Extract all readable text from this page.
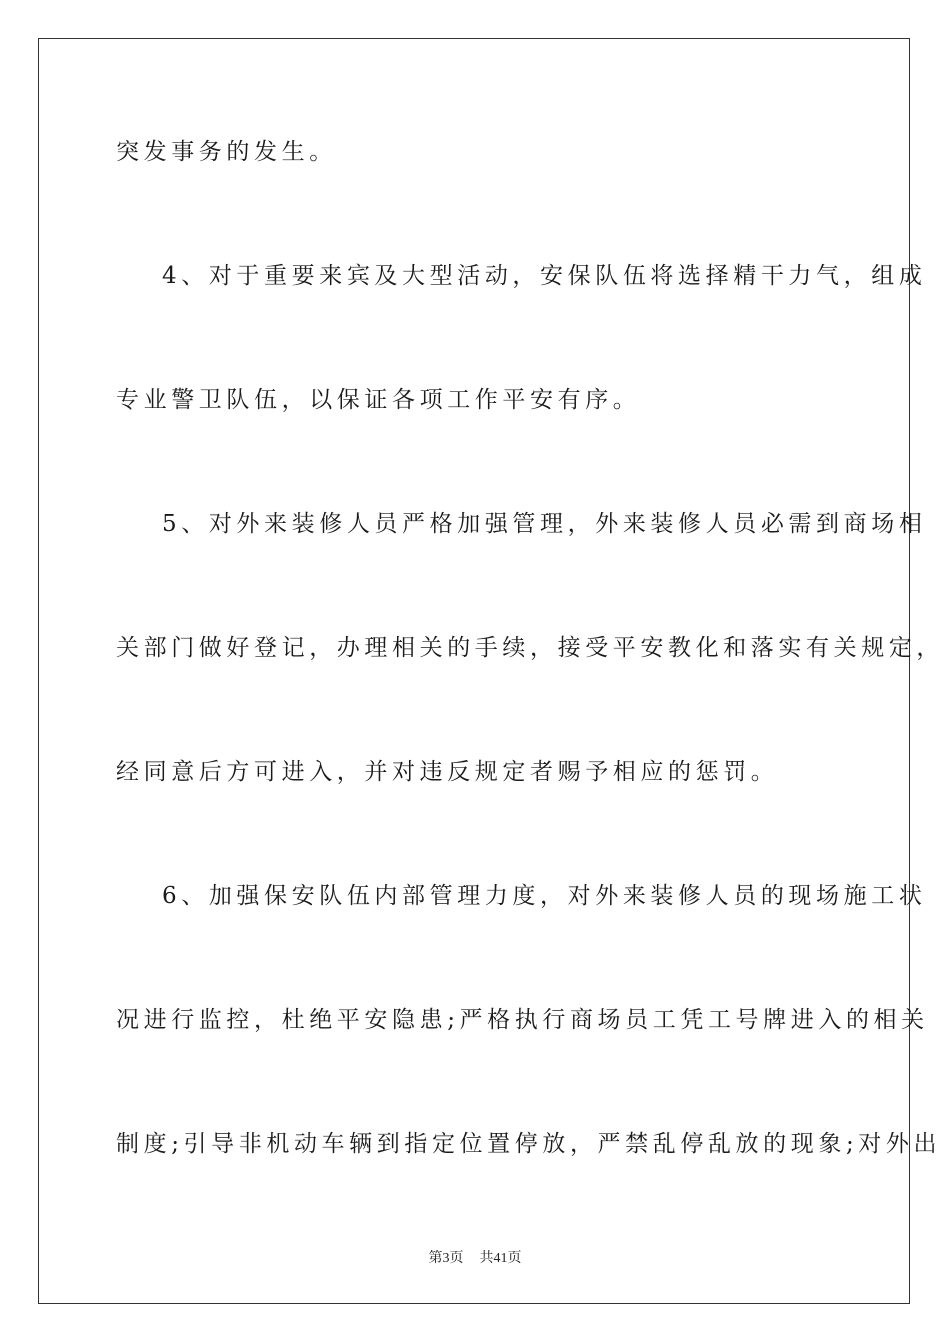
突发事务的发生。
4、对于重要来宾及大型活动，安保队伍将选择精干力气，组成
专业警卫队伍，以保证各项工作平安有序。
5、对外来装修人员严格加强管理，外来装修人员必需到商场相
关部门做好登记，办理相关的手续，接受平安教化和落实有关规定，
经同意后方可进入，并对违反规定者赐予相应的惩罚。
6、加强保安队伍内部管理力度，对外来装修人员的现场施工状
况进行监控，杜绝平安隐患;严格执行商场员工凭工号牌进入的相关
制度;引导非机动车辆到指定位置停放，严禁乱停乱放的现象;对外出
第3页 共41页
